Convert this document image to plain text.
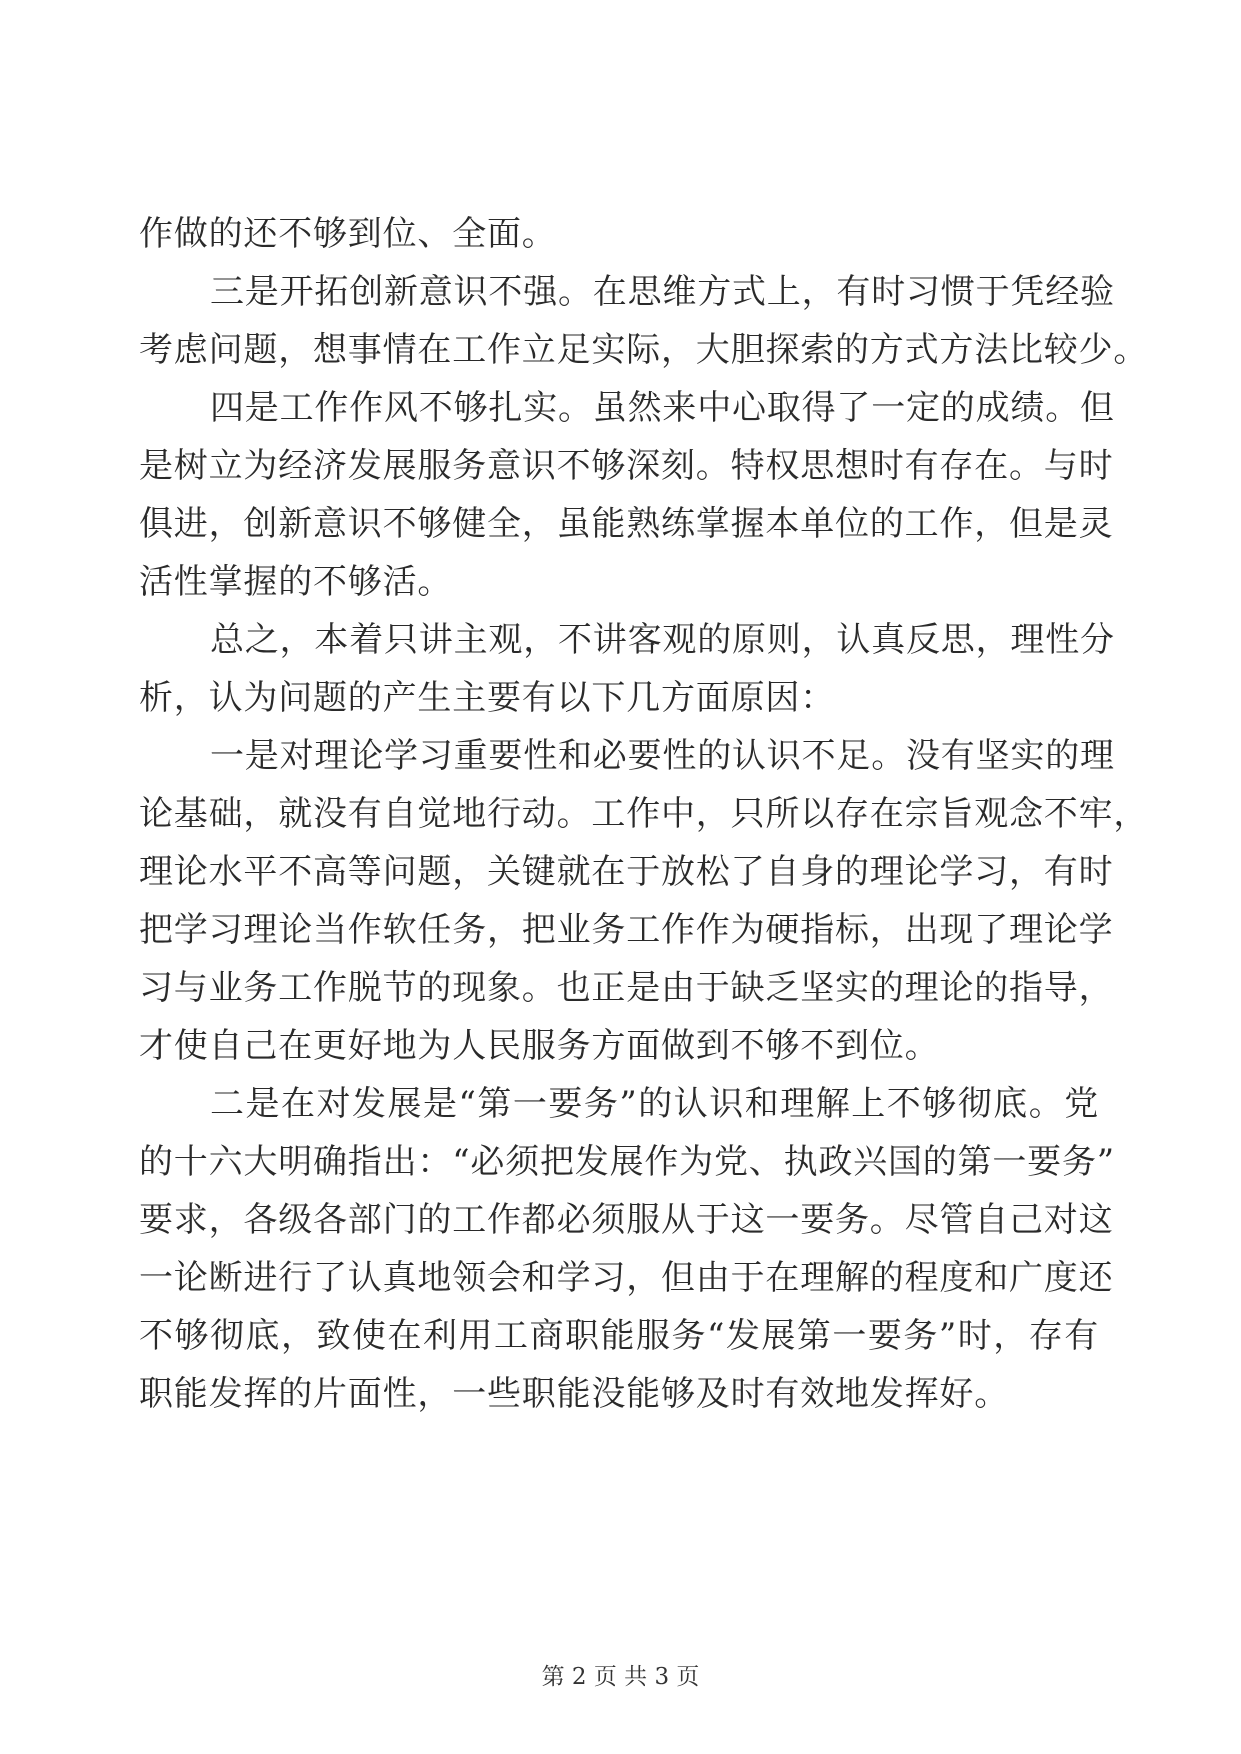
作做的还不够到位、全面。
三是开拓创新意识不强。在思维方式上，有时习惯于凭经验
考虑问题，想事情在工作立足实际，大胆探索的方式方法比较少。
四是工作作风不够扎实。虽然来中心取得了一定的成绩。但
是树立为经济发展服务意识不够深刻。特权思想时有存在。与时
俱进，创新意识不够健全，虽能熟练掌握本单位的工作，但是灵
活性掌握的不够活。
总之，本着只讲主观，不讲客观的原则，认真反思，理性分
析，认为问题的产生主要有以下几方面原因：
一是对理论学习重要性和必要性的认识不足。没有坚实的理
论基础，就没有自觉地行动。工作中，只所以存在宗旨观念不牢，
理论水平不高等问题，关键就在于放松了自身的理论学习，有时
把学习理论当作软任务，把业务工作作为硬指标，出现了理论学
习与业务工作脱节的现象。也正是由于缺乏坚实的理论的指导，
才使自己在更好地为人民服务方面做到不够不到位。
二是在对发展是“第一要务”的认识和理解上不够彻底。党
的十六大明确指出：“必须把发展作为党、执政兴国的第一要务”
要求，各级各部门的工作都必须服从于这一要务。尽管自己对这
一论断进行了认真地领会和学习，但由于在理解的程度和广度还
不够彻底，致使在利用工商职能服务“发展第一要务”时，存有
职能发挥的片面性，一些职能没能够及时有效地发挥好。
第 2 页 共 3 页
